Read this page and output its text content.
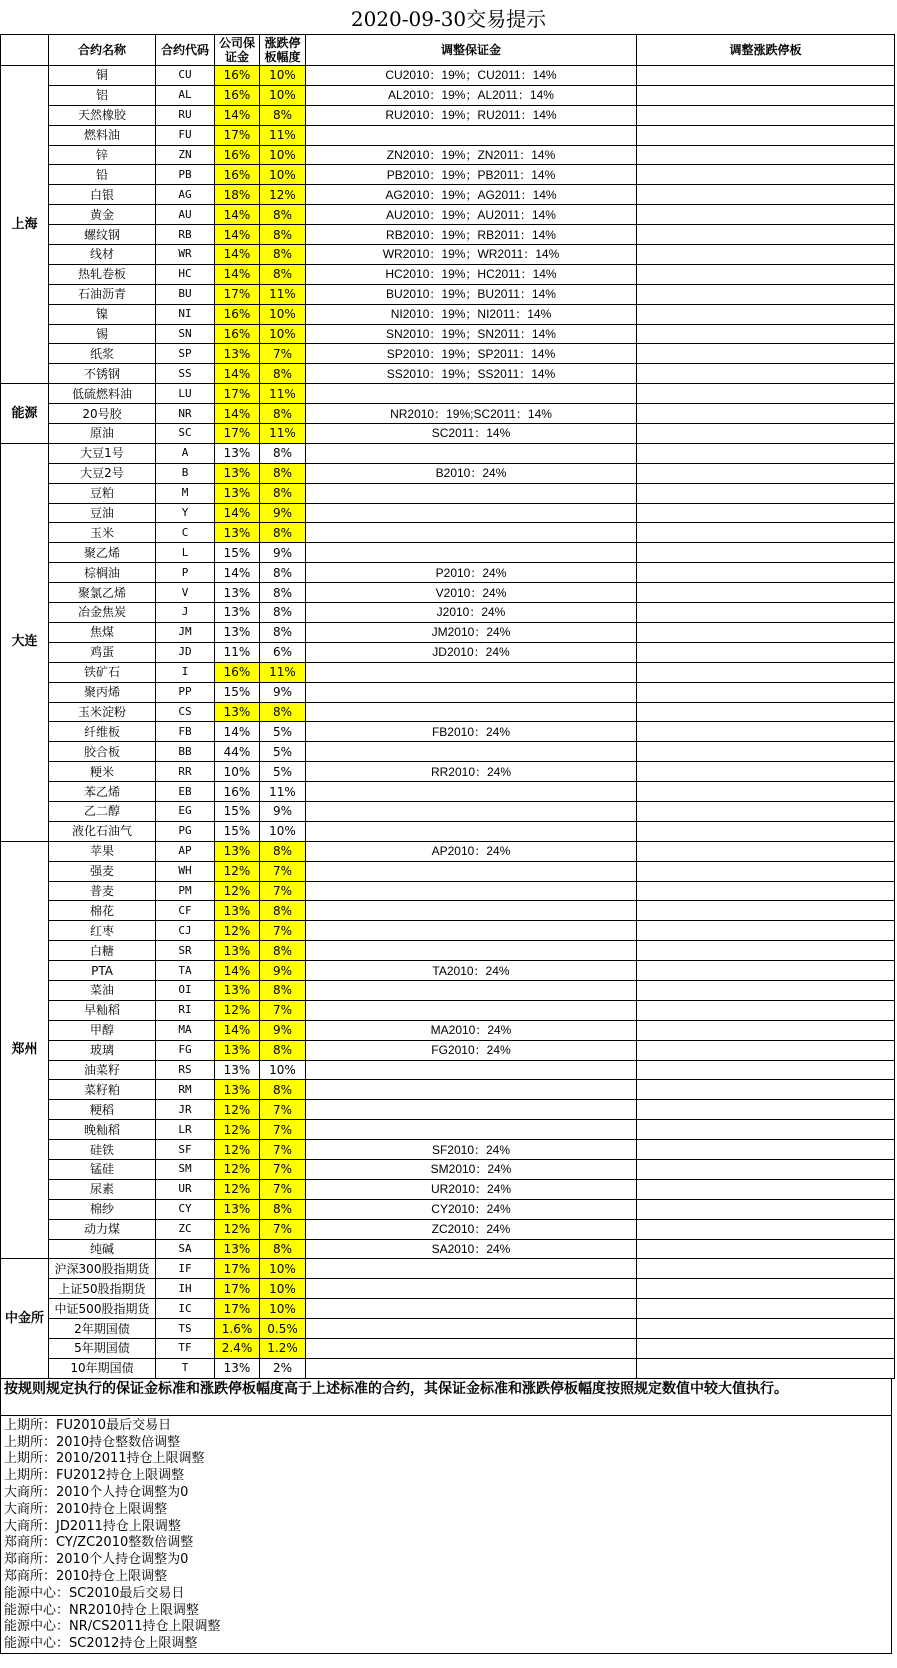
2020-09-30交易提示
	合约名称	合约代码	公司保证金	涨跌停板幅度	调整保证金	调整涨跌停板
上海	铜	CU	16%	10%	CU2010：19%；CU2011：14%	
	铝	AL	16%	10%	AL2010：19%；AL2011：14%	
	天然橡胶	RU	14%	8%	RU2010：19%；RU2011：14%	
	燃料油	FU	17%	11%		
	锌	ZN	16%	10%	ZN2010：19%；ZN2011：14%	
	铅	PB	16%	10%	PB2010：19%；PB2011：14%	
	白银	AG	18%	12%	AG2010：19%；AG2011：14%	
	黄金	AU	14%	8%	AU2010：19%；AU2011：14%	
	螺纹钢	RB	14%	8%	RB2010：19%；RB2011：14%	
	线材	WR	14%	8%	WR2010：19%；WR2011：14%	
	热轧卷板	HC	14%	8%	HC2010：19%；HC2011：14%	
	石油沥青	BU	17%	11%	BU2010：19%；BU2011：14%	
	镍	NI	16%	10%	NI2010：19%；NI2011：14%	
	锡	SN	16%	10%	SN2010：19%；SN2011：14%	
	纸浆	SP	13%	7%	SP2010：19%；SP2011：14%	
	不锈钢	SS	14%	8%	SS2010：19%；SS2011：14%	
能源	低硫燃料油	LU	17%	11%		
	20号胶	NR	14%	8%	NR2010：19%;SC2011：14%	
	原油	SC	17%	11%	SC2011：14%	
大连	大豆1号	A	13%	8%		
	大豆2号	B	13%	8%	B2010：24%	
	豆粕	M	13%	8%		
	豆油	Y	14%	9%		
	玉米	C	13%	8%		
	聚乙烯	L	15%	9%		
	棕榈油	P	14%	8%	P2010：24%	
	聚氯乙烯	V	13%	8%	V2010：24%	
	冶金焦炭	J	13%	8%	J2010：24%	
	焦煤	JM	13%	8%	JM2010：24%	
	鸡蛋	JD	11%	6%	JD2010：24%	
	铁矿石	I	16%	11%		
	聚丙烯	PP	15%	9%		
	玉米淀粉	CS	13%	8%		
	纤维板	FB	14%	5%	FB2010：24%	
	胶合板	BB	44%	5%		
	粳米	RR	10%	5%	RR2010：24%	
	苯乙烯	EB	16%	11%		
	乙二醇	EG	15%	9%		
	液化石油气	PG	15%	10%		
郑州	苹果	AP	13%	8%	AP2010：24%	
	强麦	WH	12%	7%		
	普麦	PM	12%	7%		
	棉花	CF	13%	8%		
	红枣	CJ	12%	7%		
	白糖	SR	13%	8%		
	PTA	TA	14%	9%	TA2010：24%	
	菜油	OI	13%	8%		
	早籼稻	RI	12%	7%		
	甲醇	MA	14%	9%	MA2010：24%	
	玻璃	FG	13%	8%	FG2010：24%	
	油菜籽	RS	13%	10%		
	菜籽粕	RM	13%	8%		
	粳稻	JR	12%	7%		
	晚籼稻	LR	12%	7%		
	硅铁	SF	12%	7%	SF2010：24%	
	锰硅	SM	12%	7%	SM2010：24%	
	尿素	UR	12%	7%	UR2010：24%	
	棉纱	CY	13%	8%	CY2010：24%	
	动力煤	ZC	12%	7%	ZC2010：24%	
	纯碱	SA	13%	8%	SA2010：24%	
中金所	沪深300股指期货	IF	17%	10%		
	上证50股指期货	IH	17%	10%		
	中证500股指期货	IC	17%	10%		
	2年期国债	TS	1.6%	0.5%		
	5年期国债	TF	2.4%	1.2%		
	10年期国债	T	13%	2%		
按规则规定执行的保证金标准和涨跌停板幅度高于上述标准的合约，其保证金标准和涨跌停板幅度按照规定数值中较大值执行。
上期所：FU2010最后交易日
上期所：2010持仓整数倍调整
上期所：2010/2011持仓上限调整
上期所：FU2012持仓上限调整
大商所：2010个人持仓调整为0
大商所：2010持仓上限调整
大商所：JD2011持仓上限调整
郑商所：CY/ZC2010整数倍调整
郑商所：2010个人持仓调整为0
郑商所：2010持仓上限调整
能源中心：SC2010最后交易日
能源中心：NR2010持仓上限调整
能源中心：NR/CS2011持仓上限调整
能源中心：SC2012持仓上限调整
